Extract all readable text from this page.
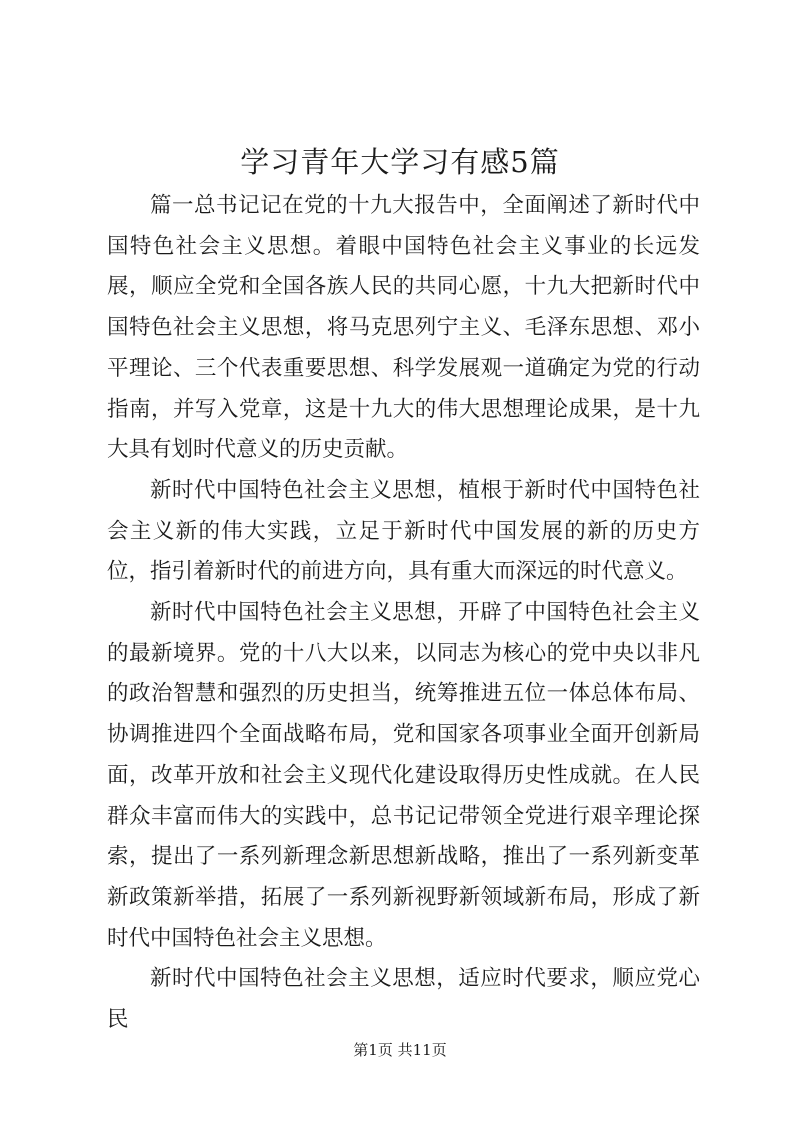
学习青年大学习有感5篇

篇一总书记记在党的十九大报告中，全面阐述了新时代中国特色社会主义思想。着眼中国特色社会主义事业的长远发展，顺应全党和全国各族人民的共同心愿，十九大把新时代中国特色社会主义思想，将马克思列宁主义、毛泽东思想、邓小平理论、三个代表重要思想、科学发展观一道确定为党的行动指南，并写入党章，这是十九大的伟大思想理论成果，是十九大具有划时代意义的历史贡献。

新时代中国特色社会主义思想，植根于新时代中国特色社会主义新的伟大实践，立足于新时代中国发展的新的历史方位，指引着新时代的前进方向，具有重大而深远的时代意义。

新时代中国特色社会主义思想，开辟了中国特色社会主义的最新境界。党的十八大以来，以同志为核心的党中央以非凡的政治智慧和强烈的历史担当，统筹推进五位一体总体布局、协调推进四个全面战略布局，党和国家各项事业全面开创新局面，改革开放和社会主义现代化建设取得历史性成就。在人民群众丰富而伟大的实践中，总书记记带领全党进行艰辛理论探索，提出了一系列新理念新思想新战略，推出了一系列新变革新政策新举措，拓展了一系列新视野新领域新布局，形成了新时代中国特色社会主义思想。

新时代中国特色社会主义思想，适应时代要求，顺应党心民

第1页 共11页
